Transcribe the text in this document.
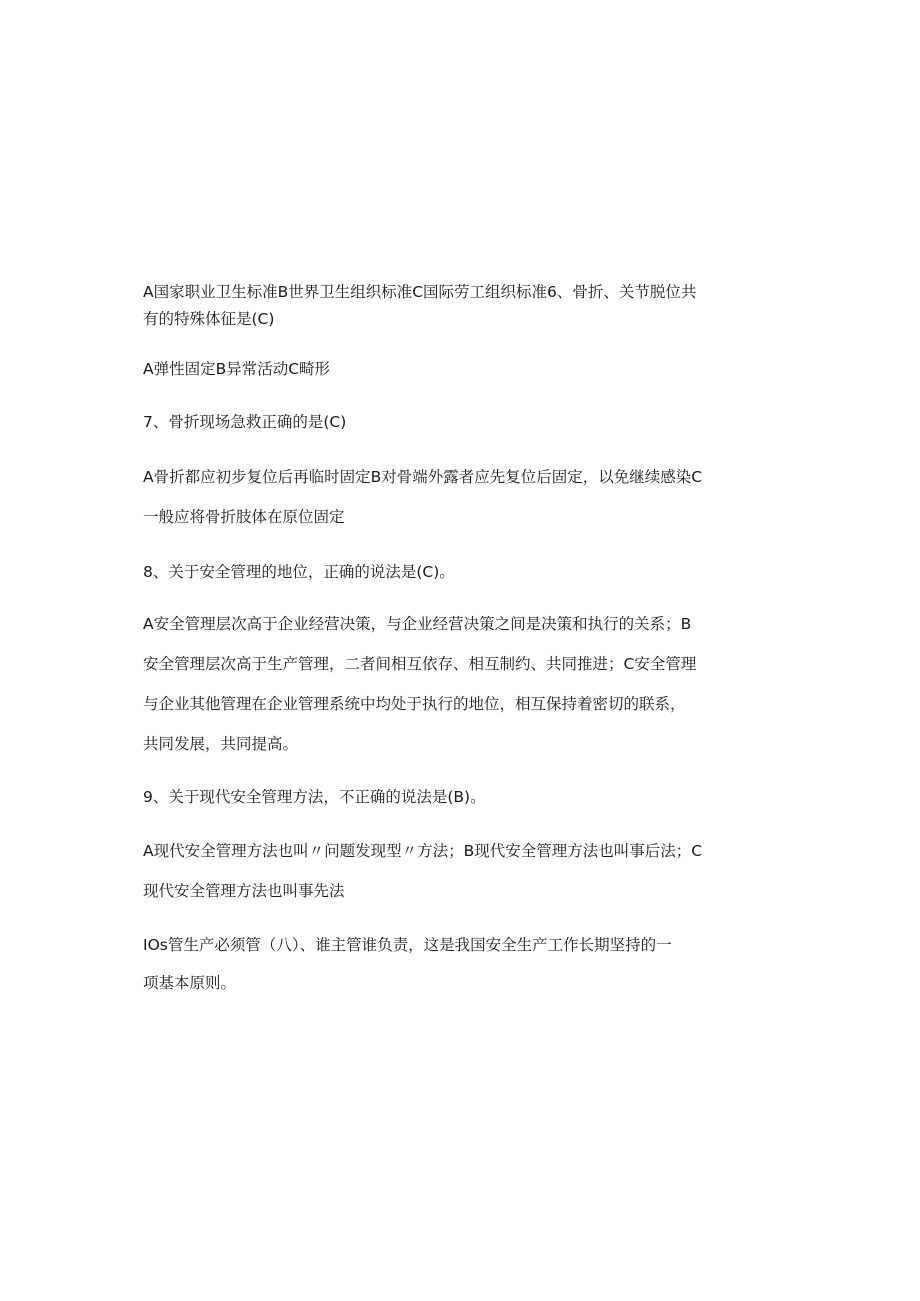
A国家职业卫生标准B世界卫生组织标准C国际劳工组织标准6、骨折、关节脱位共
有的特殊体征是(C)
A弹性固定B异常活动C畸形
7、骨折现场急救正确的是(C)
A骨折都应初步复位后再临时固定B对骨端外露者应先复位后固定，以免继续感染C
一般应将骨折肢体在原位固定
8、关于安全管理的地位，正确的说法是(C)。
A安全管理层次高于企业经营决策，与企业经营决策之间是决策和执行的关系；B
安全管理层次高于生产管理，二者间相互依存、相互制约、共同推进；C安全管理
与企业其他管理在企业管理系统中均处于执行的地位，相互保持着密切的联系，
共同发展，共同提高。
9、关于现代安全管理方法，不正确的说法是(B)。
A现代安全管理方法也叫〃问题发现型〃方法；B现代安全管理方法也叫事后法；C
现代安全管理方法也叫事先法
IOs管生产必须管（八）、谁主管谁负责，这是我国安全生产工作长期坚持的一
项基本原则。
